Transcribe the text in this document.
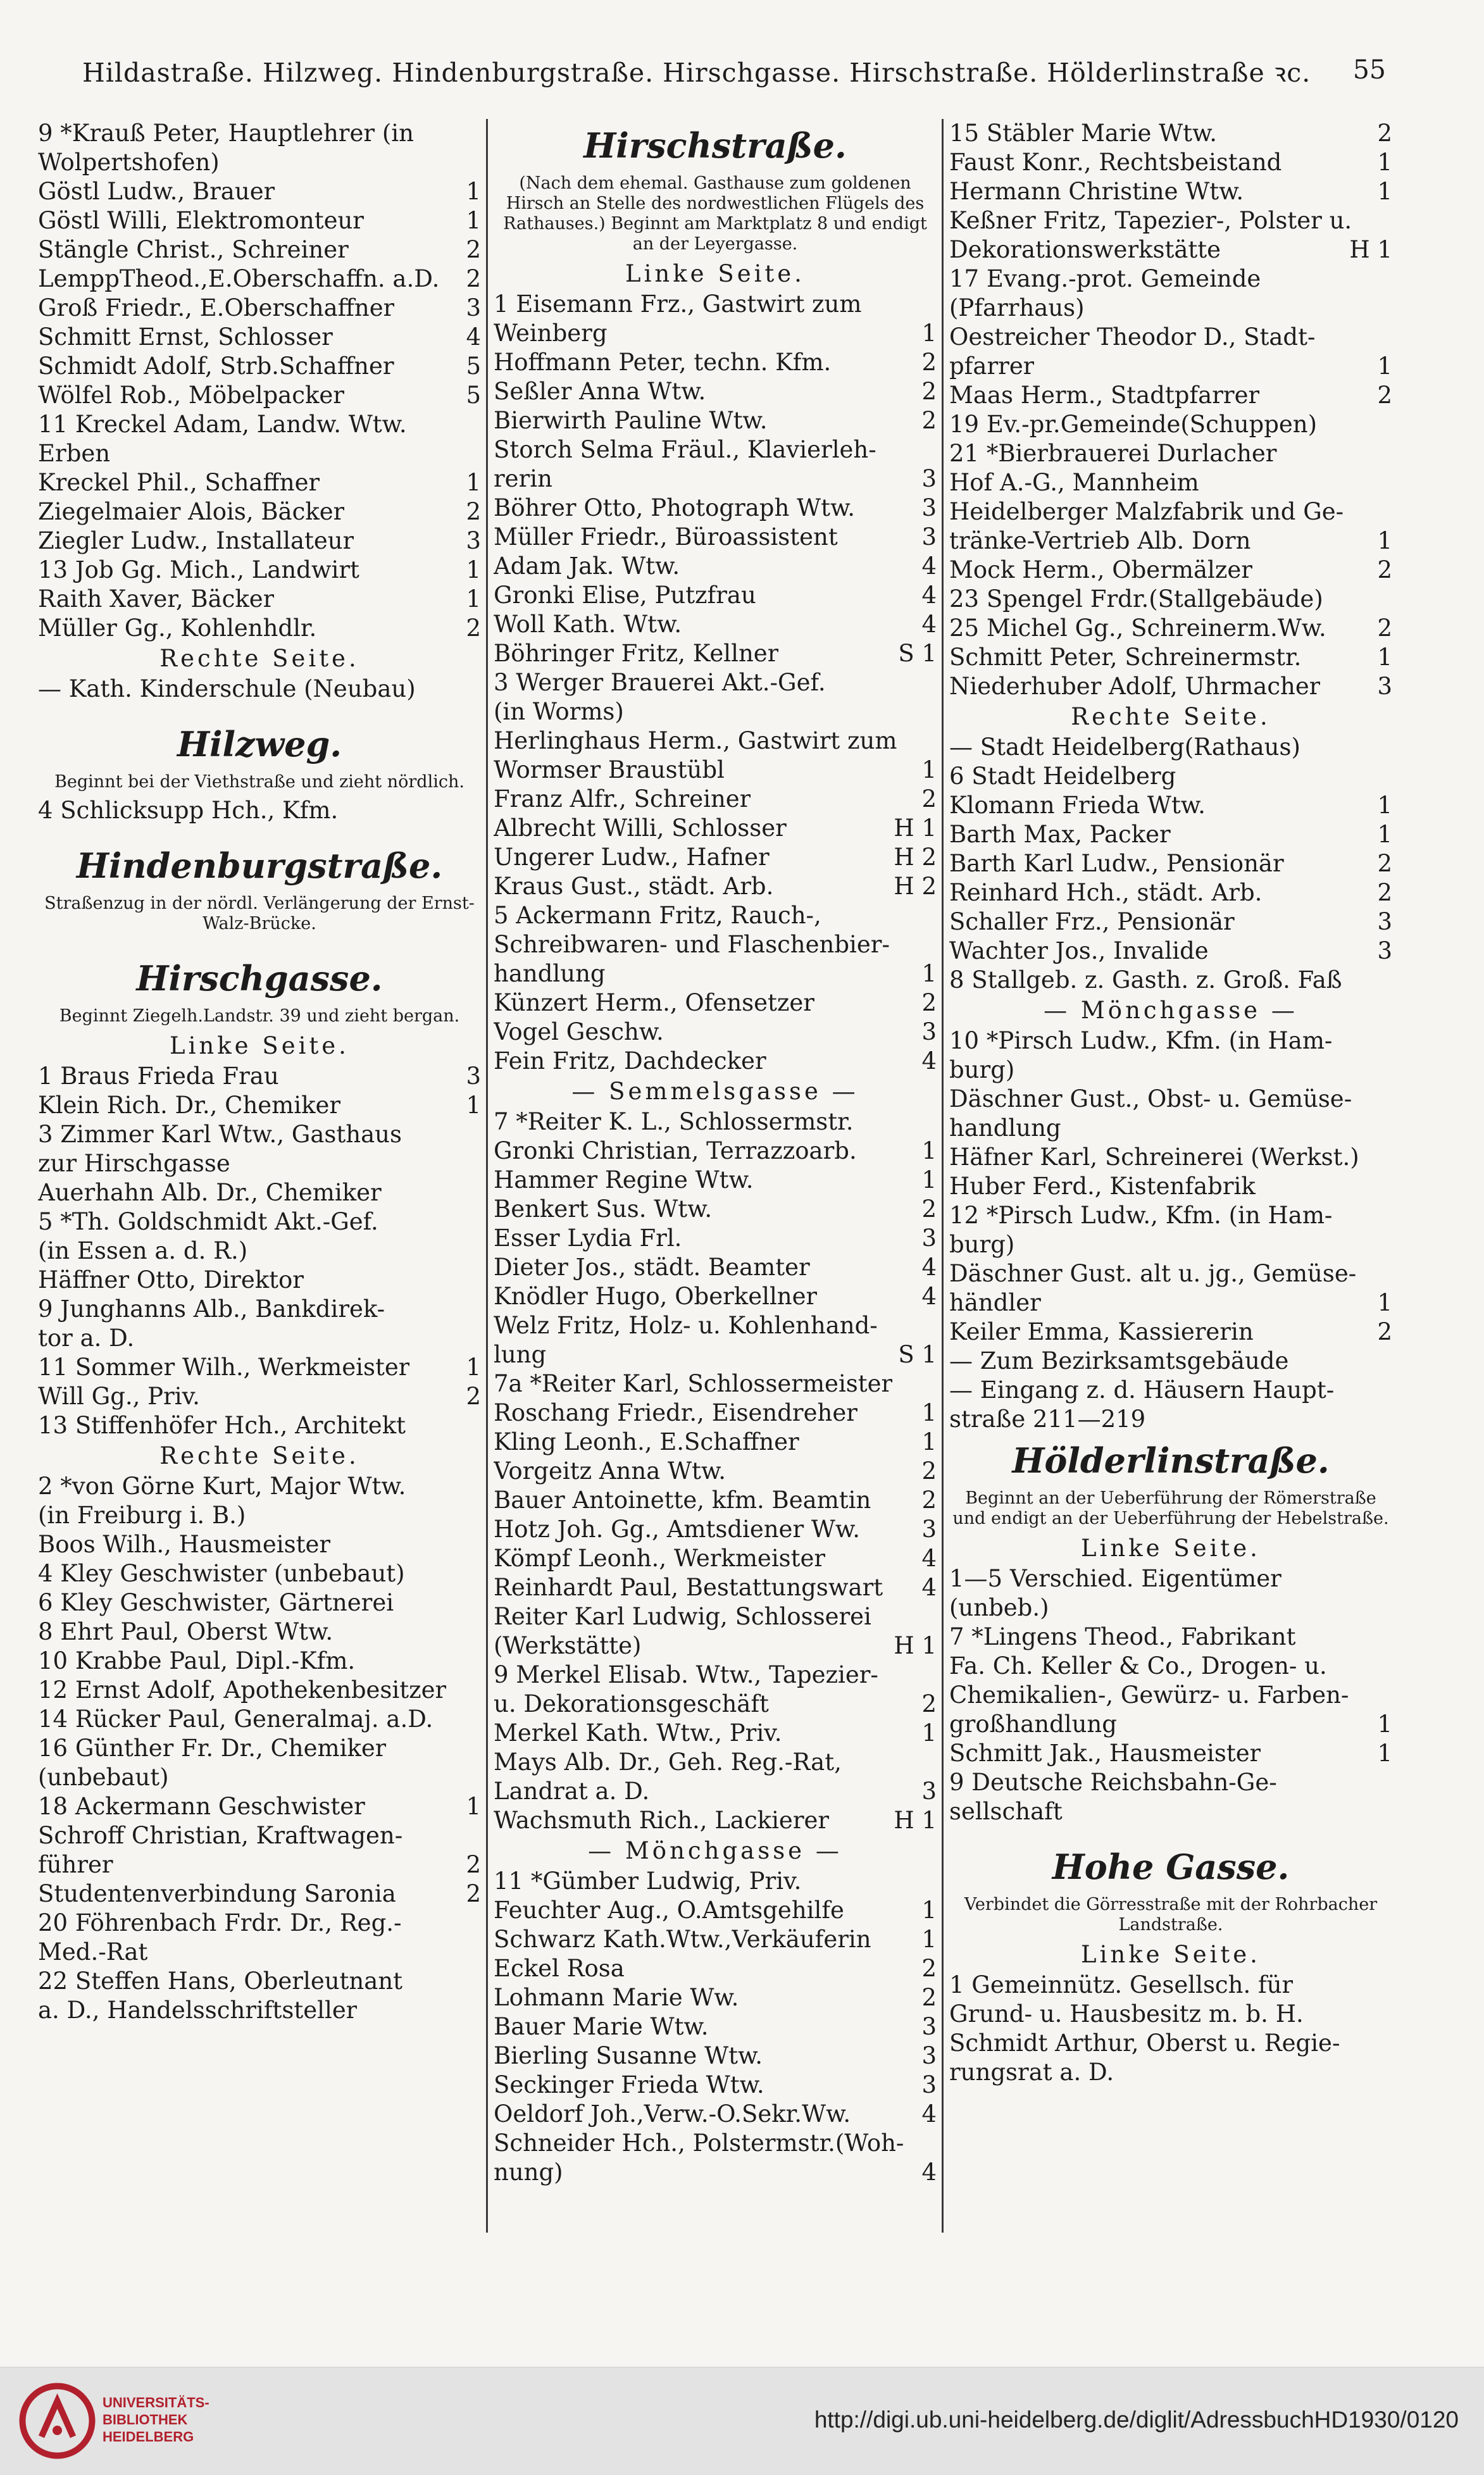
Hildastraße. Hilzweg. Hindenburgstraße. Hirschgasse. Hirschstraße. Hölderlinstraße ꝛc. 55
9 *Krauß Peter, Hauptlehrer (in
Wolpertshofen)
Göstl Ludw., Brauer	1
Göstl Willi, Elektromonteur	1
Stängle Christ., Schreiner	2
LemppTheod.,E.Oberschaffn. a.D. 2
Groß Friedr., E.Oberschaffner	3
Schmitt Ernst, Schlosser	4
Schmidt Adolf, Strb.Schaffner	5
Wölfel Rob., Möbelpacker	5
11 Kreckel Adam, Landw. Wtw.
Erben
Kreckel Phil., Schaffner	1
Ziegelmaier Alois, Bäcker	2
Ziegler Ludw., Installateur	3
13 Job Gg. Mich., Landwirt	1
Raith Xaver, Bäcker	1
Müller Gg., Kohlenhdlr.	2
Rechte Seite.
— Kath. Kinderschule (Neubau)
Hilzweg.
Beginnt bei der Viethstraße und zieht nördlich.
4 Schlicksupp Hch., Kfm.
Hindenburgstraße.
Straßenzug in der nördl. Verlängerung der Ernst-Walz-Brücke.
Hirschgasse.
Beginnt Ziegelh.Landstr. 39 und zieht bergan.
Linke Seite.
1 Braus Frieda Frau	3
Klein Rich. Dr., Chemiker	1
3 Zimmer Karl Wtw., Gasthaus
zur Hirschgasse
Auerhahn Alb. Dr., Chemiker
5 *Th. Goldschmidt Akt.-Gef.
(in Essen a. d. R.)
Häffner Otto, Direktor
9 Junghanns Alb., Bankdirek-
tor a. D.
11 Sommer Wilh., Werkmeister 1
Will Gg., Priv.	2
13 Stiffenhöfer Hch., Architekt
Rechte Seite.
2 *von Görne Kurt, Major Wtw.
(in Freiburg i. B.)
Boos Wilh., Hausmeister
4 Kley Geschwister (unbebaut)
6 Kley Geschwister, Gärtnerei
8 Ehrt Paul, Oberst Wtw.
10 Krabbe Paul, Dipl.-Kfm.
12 Ernst Adolf, Apothekenbesitzer
14 Rücker Paul, Generalmaj. a.D.
16 Günther Fr. Dr., Chemiker
(unbebaut)
18 Ackermann Geschwister	1
Schroff Christian, Kraftwagen-
führer	2
Studentenverbindung Saronia	2
20 Föhrenbach Frdr. Dr., Reg.-
Med.-Rat
22 Steffen Hans, Oberleutnant
a. D., Handelsschriftsteller
Hirschstraße.
(Nach dem ehemal. Gasthause zum goldenen Hirsch an Stelle des nordwestlichen Flügels des Rathauses.) Beginnt am Marktplatz 8 und endigt an der Leyergasse.
Linke Seite.
1 Eisemann Frz., Gastwirt zum
Weinberg	1
Hoffmann Peter, techn. Kfm.	2
Seßler Anna Wtw.	2
Bierwirth Pauline Wtw.	2
Storch Selma Fräul., Klavierleh-
rerin	3
Böhrer Otto, Photograph Wtw.	3
Müller Friedr., Büroassistent	3
Adam Jak. Wtw.	4
Gronki Elise, Putzfrau	4
Woll Kath. Wtw.	4
Böhringer Fritz, Kellner	S 1
3 Werger Brauerei Akt.-Gef.
(in Worms)
Herlinghaus Herm., Gastwirt zum
Wormser Braustübl	1
Franz Alfr., Schreiner	2
Albrecht Willi, Schlosser	H 1
Ungerer Ludw., Hafner	H 2
Kraus Gust., städt. Arb.	H 2
5 Ackermann Fritz, Rauch-,
Schreibwaren- und Flaschenbier-
handlung	1
Künzert Herm., Ofensetzer	2
Vogel Geschw.	3
Fein Fritz, Dachdecker	4
— Semmelsgasse —
7 *Reiter K. L., Schlossermstr.
Gronki Christian, Terrazzoarb.	1
Hammer Regine Wtw.	1
Benkert Sus. Wtw.	2
Esser Lydia Frl.	3
Dieter Jos., städt. Beamter	4
Knödler Hugo, Oberkellner	4
Welz Fritz, Holz- u. Kohlenhand-
lung	S 1
7a *Reiter Karl, Schlossermeister
Roschang Friedr., Eisendreher	1
Kling Leonh., E.Schaffner	1
Vorgeitz Anna Wtw.	2
Bauer Antoinette, kfm. Beamtin 2
Hotz Joh. Gg., Amtsdiener Ww.	3
Kömpf Leonh., Werkmeister	4
Reinhardt Paul, Bestattungswart 4
Reiter Karl Ludwig, Schlosserei
(Werkstätte)	H 1
9 Merkel Elisab. Wtw., Tapezier-
u. Dekorationsgeschäft	2
Merkel Kath. Wtw., Priv.	1
Mays Alb. Dr., Geh. Reg.-Rat,
Landrat a. D.	3
Wachsmuth Rich., Lackierer	H 1
— Mönchgasse —
11 *Gümber Ludwig, Priv.
Feuchter Aug., O.Amtsgehilfe	1
Schwarz Kath.Wtw.,Verkäuferin 1
Eckel Rosa	2
Lohmann Marie Ww.	2
Bauer Marie Wtw.	3
Bierling Susanne Wtw.	3
Seckinger Frieda Wtw.	3
Oeldorf Joh.,Verw.-O.Sekr.Ww.	4
Schneider Hch., Polstermstr.(Woh-
nung)	4
15 Stäbler Marie Wtw.	2
Faust Konr., Rechtsbeistand	1
Hermann Christine Wtw.	1
Keßner Fritz, Tapezier-, Polster u.
Dekorationswerkstätte	H 1
17 Evang.-prot. Gemeinde
(Pfarrhaus)
Oestreicher Theodor D., Stadt-
pfarrer	1
Maas Herm., Stadtpfarrer	2
19 Ev.-pr.Gemeinde(Schuppen)
21 *Bierbrauerei Durlacher
Hof A.-G., Mannheim
Heidelberger Malzfabrik und Ge-
tränke-Vertrieb Alb. Dorn	1
Mock Herm., Obermälzer	2
23 Spengel Frdr.(Stallgebäude)
25 Michel Gg., Schreinerm.Ww. 2
Schmitt Peter, Schreinermstr.	1
Niederhuber Adolf, Uhrmacher 3
Rechte Seite.
— Stadt Heidelberg(Rathaus)
6 Stadt Heidelberg
Klomann Frieda Wtw.	1
Barth Max, Packer	1
Barth Karl Ludw., Pensionär	2
Reinhard Hch., städt. Arb.	2
Schaller Frz., Pensionär	3
Wachter Jos., Invalide	3
8 Stallgeb. z. Gasth. z. Groß. Faß
— Mönchgasse —
10 *Pirsch Ludw., Kfm. (in Ham-
burg)
Däschner Gust., Obst- u. Gemüse-
handlung
Häfner Karl, Schreinerei (Werkst.)
Huber Ferd., Kistenfabrik
12 *Pirsch Ludw., Kfm. (in Ham-
burg)
Däschner Gust. alt u. jg., Gemüse-
händler	1
Keiler Emma, Kassiererin	2
— Zum Bezirksamtsgebäude
— Eingang z. d. Häusern Haupt-
straße 211—219
Hölderlinstraße.
Beginnt an der Ueberführung der Römerstraße und endigt an der Ueberführung der Hebelstraße.
Linke Seite.
1—5 Verschied. Eigentümer
(unbeb.)
7 *Lingens Theod., Fabrikant
Fa. Ch. Keller & Co., Drogen- u.
Chemikalien-, Gewürz- u. Farben-
großhandlung	1
Schmitt Jak., Hausmeister	1
9 Deutsche Reichsbahn-Ge-
sellschaft
Hohe Gasse.
Verbindet die Görresstraße mit der Rohrbacher Landstraße.
Linke Seite.
1 Gemeinnütz. Gesellsch. für
Grund- u. Hausbesitz m. b. H.
Schmidt Arthur, Oberst u. Regie-
rungsrat a. D.
UNIVERSITÄTS-
BIBLIOTHEK
HEIDELBERG
http://digi.ub.uni-heidelberg.de/diglit/AdressbuchHD1930/0120
